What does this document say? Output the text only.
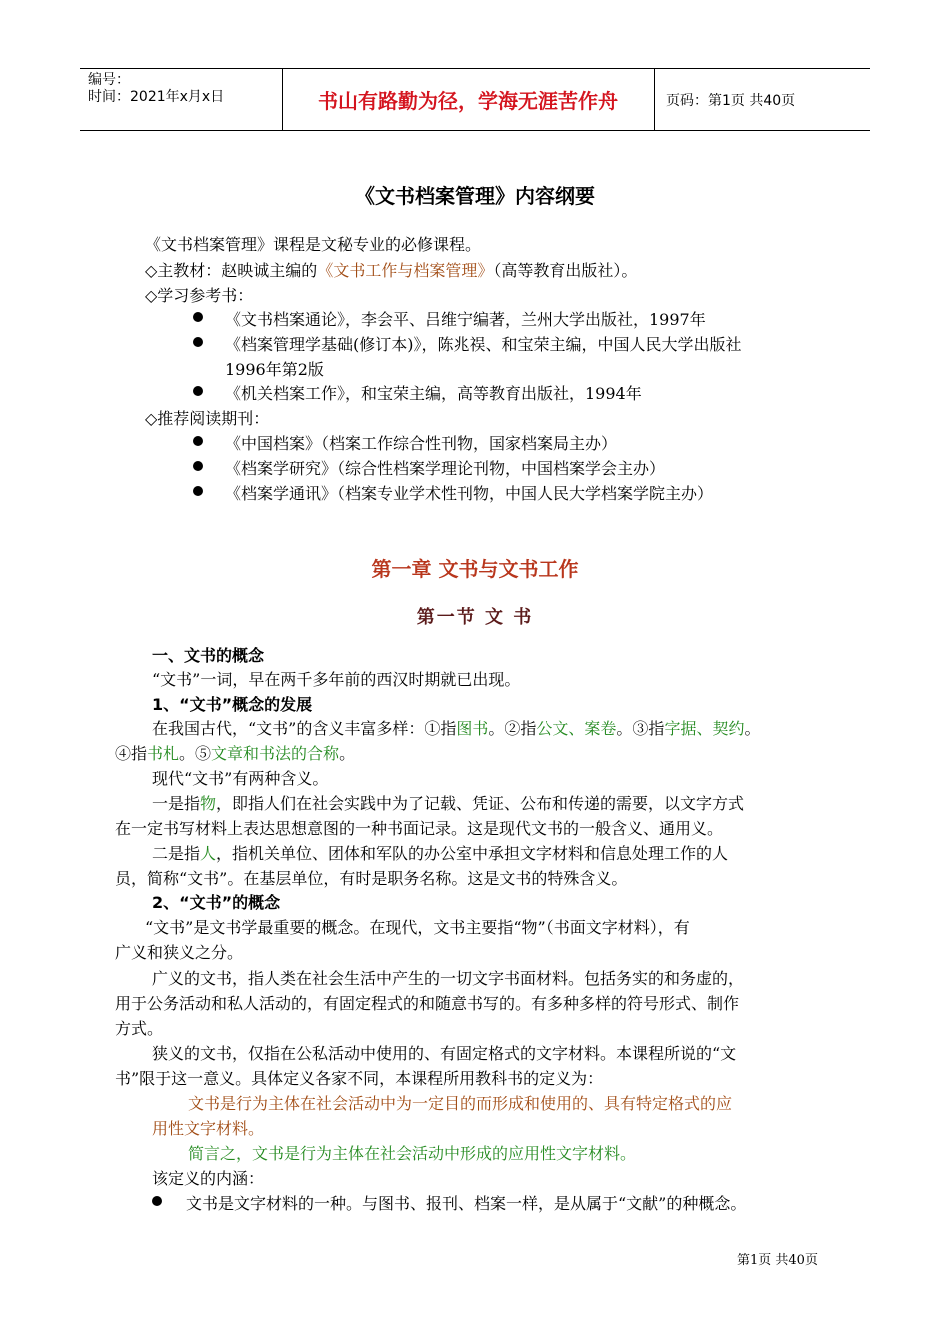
编号：
时间：2021年x月x日	书山有路勤为径，学海无涯苦作舟	页码：第1页 共40页
《文书档案管理》内容纲要
《文书档案管理》课程是文秘专业的必修课程。
◇主教材：赵映诚主编的《文书工作与档案管理》（高等教育出版社）。
◇学习参考书：
《文书档案通论》，李会平、吕维宁编著，兰州大学出版社，1997年
《档案管理学基础(修订本)》，陈兆祦、和宝荣主编，中国人民大学出版社
1996年第2版
《机关档案工作》，和宝荣主编，高等教育出版社，1994年
◇推荐阅读期刊：
《中国档案》（档案工作综合性刊物，国家档案局主办）
《档案学研究》（综合性档案学理论刊物，中国档案学会主办）
《档案学通讯》（档案专业学术性刊物，中国人民大学档案学院主办）
第一章 文书与文书工作
第一节 文 书
一、文书的概念
“文书”一词，早在两千多年前的西汉时期就已出现。
1、“文书”概念的发展
在我国古代，“文书”的含义丰富多样：①指图书。②指公文、案卷。③指字据、契约。
④指书札。⑤文章和书法的合称。
现代“文书”有两种含义。
一是指物，即指人们在社会实践中为了记载、凭证、公布和传递的需要，以文字方式
在一定书写材料上表达思想意图的一种书面记录。这是现代文书的一般含义、通用义。
二是指人，指机关单位、团体和军队的办公室中承担文字材料和信息处理工作的人
员，简称“文书”。在基层单位，有时是职务名称。这是文书的特殊含义。
2、“文书”的概念
“文书”是文书学最重要的概念。在现代，文书主要指“物”（书面文字材料），有
广义和狭义之分。
广义的文书，指人类在社会生活中产生的一切文字书面材料。包括务实的和务虚的，
用于公务活动和私人活动的，有固定程式的和随意书写的。有多种多样的符号形式、制作
方式。
狭义的文书，仅指在公私活动中使用的、有固定格式的文字材料。本课程所说的“文
书”限于这一意义。具体定义各家不同，本课程所用教科书的定义为：
文书是行为主体在社会活动中为一定目的而形成和使用的、具有特定格式的应
用性文字材料。
简言之，文书是行为主体在社会活动中形成的应用性文字材料。
该定义的内涵：
文书是文字材料的一种。与图书、报刊、档案一样，是从属于“文献”的种概念。
第1页 共40页
